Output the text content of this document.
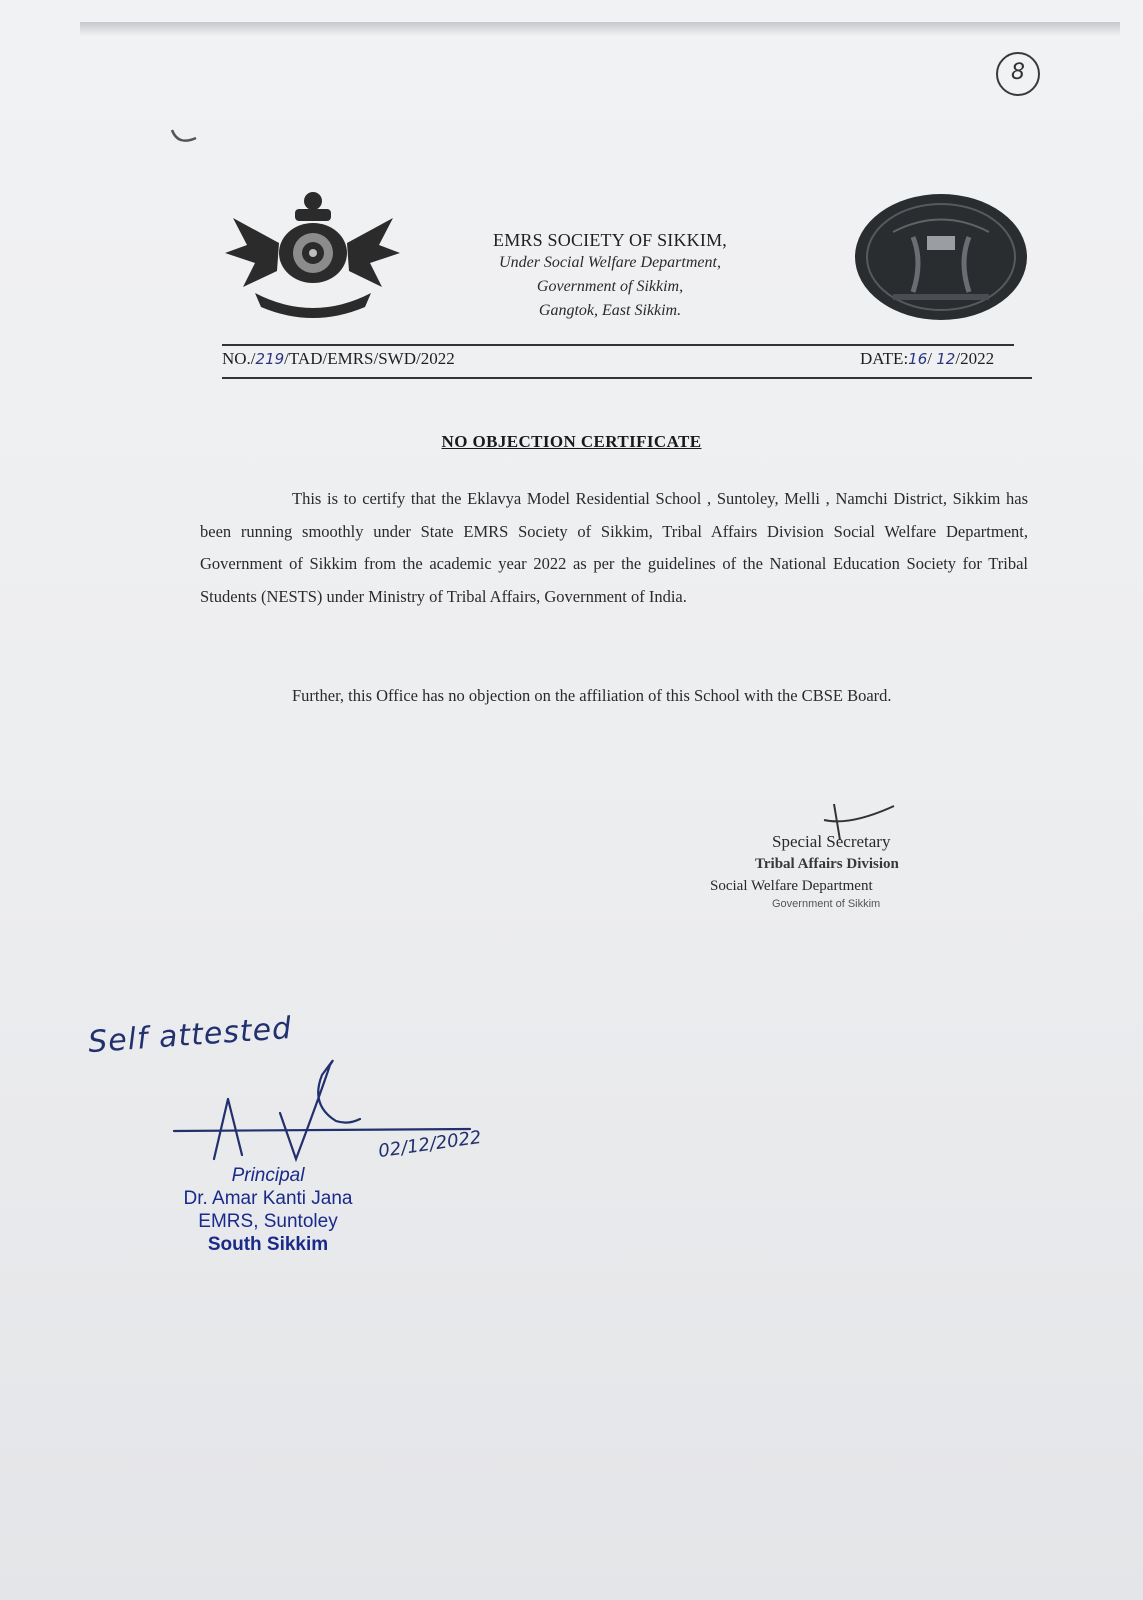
8
EMRS SOCIETY OF SIKKIM,
Under Social Welfare Department,
Government of Sikkim,
Gangtok, East Sikkim.
NO./219/TAD/EMRS/SWD/2022	DATE:16/ 12/2022
NO OBJECTION CERTIFICATE
This is to certify that the Eklavya Model Residential School , Suntoley, Melli , Namchi District, Sikkim has been running smoothly under State EMRS Society of Sikkim, Tribal Affairs Division Social Welfare Department, Government of Sikkim from the academic year 2022 as per the guidelines of the National Education Society for Tribal Students (NESTS) under Ministry of Tribal Affairs, Government of India.
Further, this Office has no objection on the affiliation of this School with the CBSE Board.
Special Secretary
Tribal Affairs Division
Social Welfare Department
Government of Sikkim
Self attested
02/12/2022
Principal
Dr. Amar Kanti Jana
EMRS, Suntoley
South Sikkim
